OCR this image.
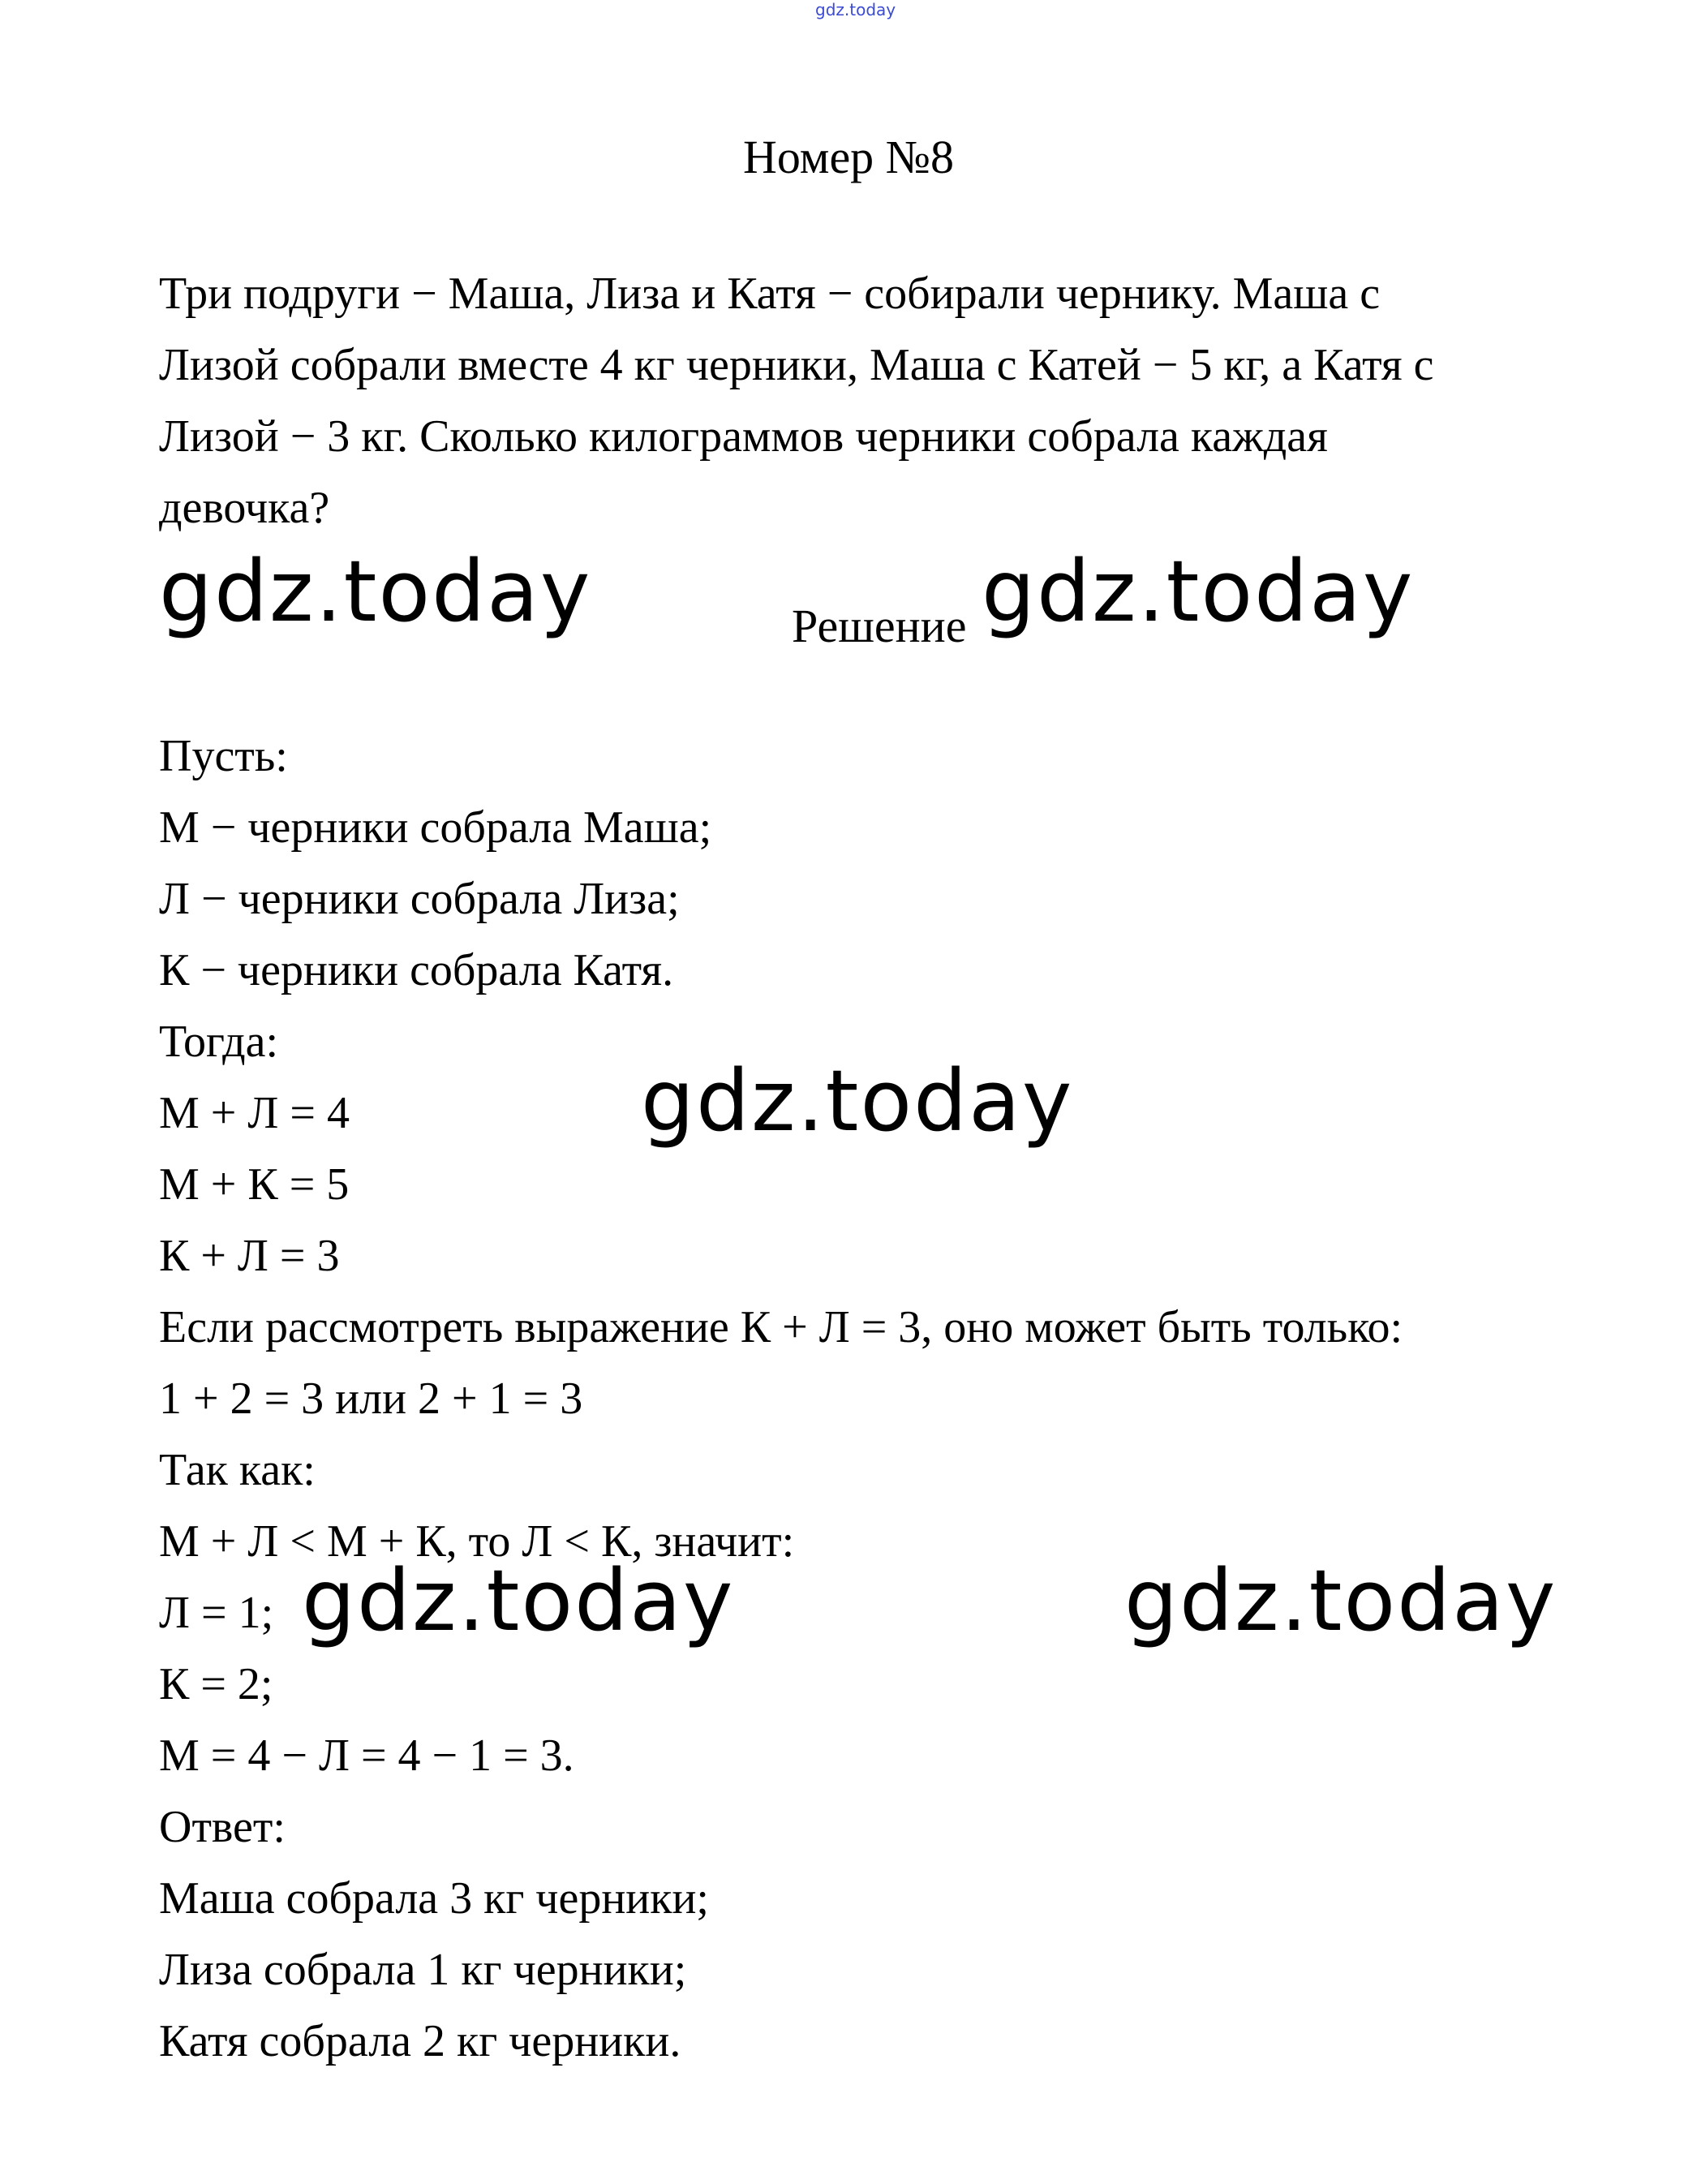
gdz.today
Номер №8
Три подруги − Маша, Лиза и Катя − собирали чернику. Маша с
Лизой собрали вместе 4 кг черники, Маша с Катей − 5 кг, а Катя с
Лизой − 3 кг. Сколько килограммов черники собрала каждая
девочка?
gdz.today	Решение gdz.today
Пусть:
М − черники собрала Маша;
Л − черники собрала Лиза;
К − черники собрала Катя.
Тогда:
М + Л = 4	gdz.today
М + К = 5
К + Л = 3
Если рассмотреть выражение К + Л = 3, оно может быть только:
1 + 2 = 3 или 2 + 1 = 3
Так как:
М + Л < М + К, то Л < К, значит:
Л = 1; gdz.today	gdz.today
К = 2;
М = 4 − Л = 4 − 1 = 3.
Ответ:
Маша собрала 3 кг черники;
Лиза собрала 1 кг черники;
Катя собрала 2 кг черники.
